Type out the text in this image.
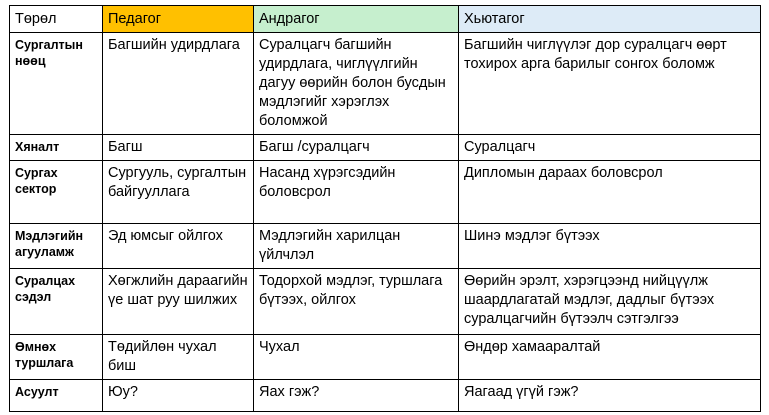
Төрөл	Педагог	Андрагог	Хьютагог
Сургалтын нөөц	Багшийн удирдлага	Суралцагч багшийн удирдлага, чиглүүлгийн дагуу өөрийн болон бусдын мэдлэгийг хэрэглэх боломжой	Багшийн чиглүүлэг дор суралцагч өөрт тохирох арга барилыг сонгох боломж
Хяналт	Багш	Багш /суралцагч	Суралцагч
Сургах сектор	Сургууль, сургалтын байгууллага	Насанд хүрэгсэдийн боловсрол	Дипломын дараах боловсрол
Мэдлэгийн агууламж	Эд юмсыг ойлгох	Мэдлэгийн харилцан үйлчлэл	Шинэ мэдлэг бүтээх
Суралцах сэдэл	Хөгжлийн дараагийн үе шат руу шилжих	Тодорхой мэдлэг, туршлага бүтээх, ойлгох	Өөрийн эрэлт, хэрэгцээнд нийцүүлж шаардлагатай мэдлэг, дадлыг бүтээх суралцагчийн бүтээлч сэтгэлгээ
Өмнөх туршлага	Төдийлөн чухал биш	Чухал	Өндөр хамааралтай
Асуулт	Юу?	Яах гэж?	Яагаад үгүй гэж?
